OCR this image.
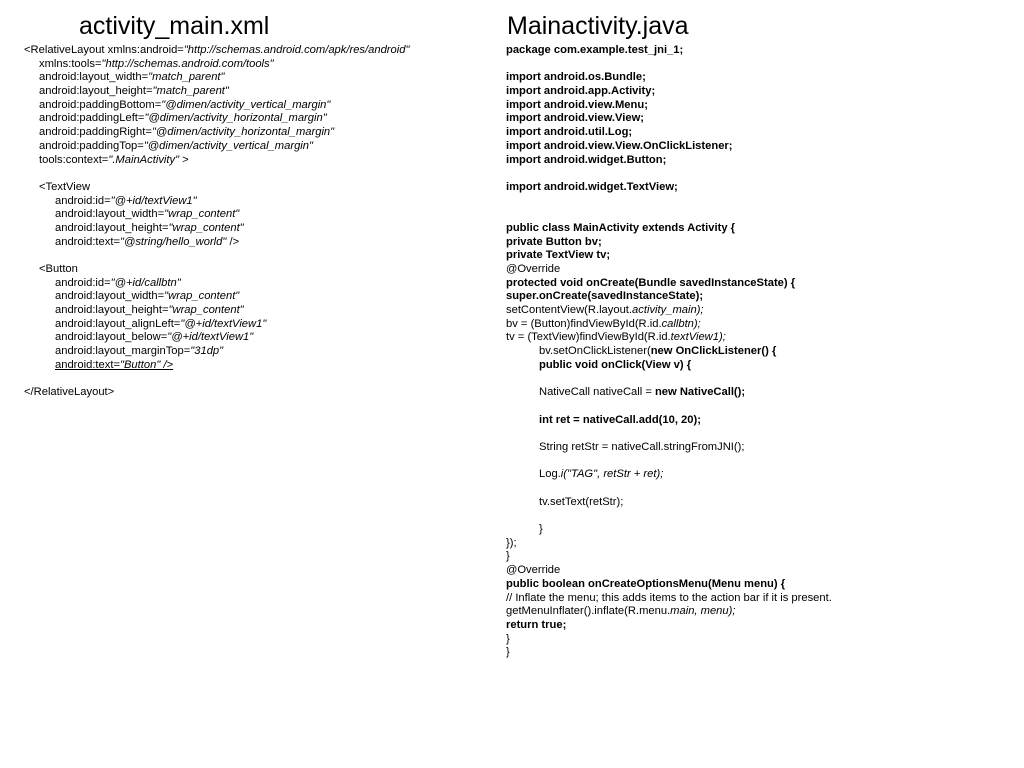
activity_main.xml	Mainactivity.java
<RelativeLayout xmlns:android="http://schemas.android.com/apk/res/android"
xmlns:tools="http://schemas.android.com/tools"
android:layout_width="match_parent"
android:layout_height="match_parent"
android:paddingBottom="@dimen/activity_vertical_margin"
android:paddingLeft="@dimen/activity_horizontal_margin"
android:paddingRight="@dimen/activity_horizontal_margin"
android:paddingTop="@dimen/activity_vertical_margin"
tools:context=".MainActivity" >
<TextView
android:id="@+id/textView1"
android:layout_width="wrap_content"
android:layout_height="wrap_content"
android:text="@string/hello_world" />
<Button
android:id="@+id/callbtn"
android:layout_width="wrap_content"
android:layout_height="wrap_content"
android:layout_alignLeft="@+id/textView1"
android:layout_below="@+id/textView1"
android:layout_marginTop="31dp"
android:text="Button" />
</RelativeLayout>
package com.example.test_jni_1;
import android.os.Bundle;
import android.app.Activity;
import android.view.Menu;
import android.view.View;
import android.util.Log;
import android.view.View.OnClickListener;
import android.widget.Button;
import android.widget.TextView;
public class MainActivity extends Activity {
private Button bv;
private TextView tv;
@Override
protected void onCreate(Bundle savedInstanceState) {
super.onCreate(savedInstanceState);
setContentView(R.layout.activity_main);
bv = (Button)findViewById(R.id.callbtn);
tv = (TextView)findViewById(R.id.textView1);
bv.setOnClickListener(new OnClickListener() {
public void onClick(View v) {
NativeCall nativeCall = new NativeCall();
int ret = nativeCall.add(10, 20);
String retStr = nativeCall.stringFromJNI();
Log.i("TAG", retStr + ret);
tv.setText(retStr);
}
});
}
@Override
public boolean onCreateOptionsMenu(Menu menu) {
// Inflate the menu; this adds items to the action bar if it is present.
getMenuInflater().inflate(R.menu.main, menu);
return true;
}
}
